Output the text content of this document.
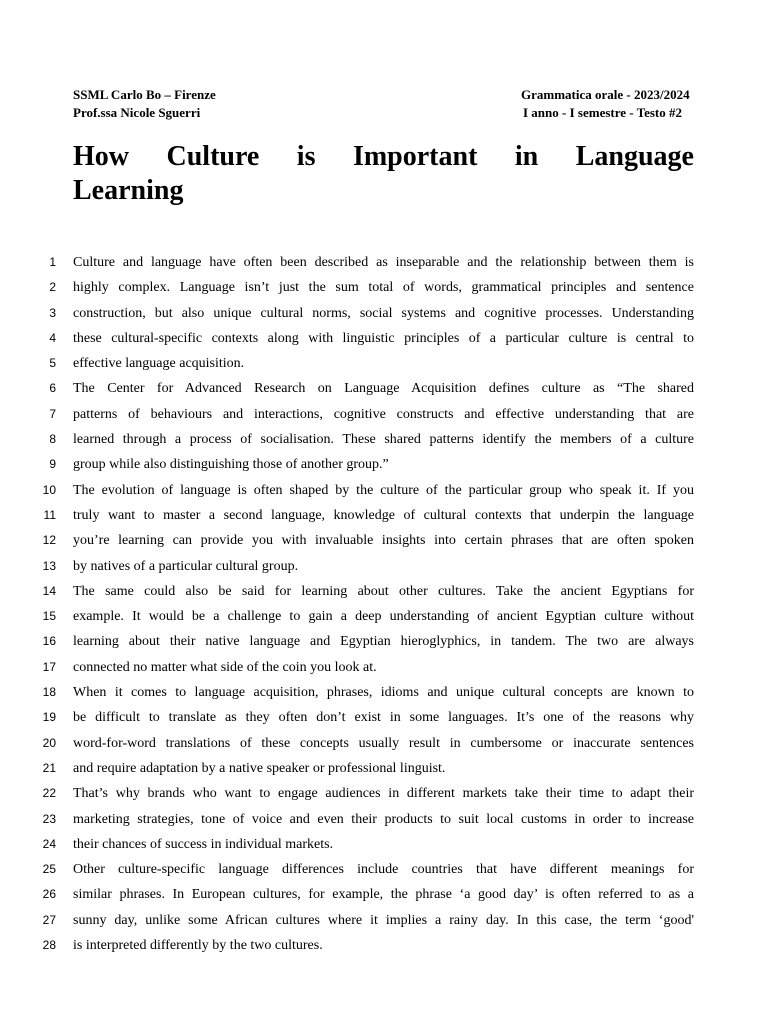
SSML Carlo Bo – Firenze
Prof.ssa Nicole Sguerri
Grammatica orale - 2023/2024
I anno - I semestre - Testo #2
How Culture is Important in Language
Learning
1 Culture and language have often been described as inseparable and the relationship between them is
2 highly complex. Language isn’t just the sum total of words, grammatical principles and sentence
3 construction, but also unique cultural norms, social systems and cognitive processes. Understanding
4 these cultural-specific contexts along with linguistic principles of a particular culture is central to
5 effective language acquisition.
6 The Center for Advanced Research on Language Acquisition defines culture as “The shared
7 patterns of behaviours and interactions, cognitive constructs and effective understanding that are
8 learned through a process of socialisation. These shared patterns identify the members of a culture
9 group while also distinguishing those of another group.”
10 The evolution of language is often shaped by the culture of the particular group who speak it. If you
11 truly want to master a second language, knowledge of cultural contexts that underpin the language
12 you’re learning can provide you with invaluable insights into certain phrases that are often spoken
13 by natives of a particular cultural group.
14 The same could also be said for learning about other cultures. Take the ancient Egyptians for
15 example. It would be a challenge to gain a deep understanding of ancient Egyptian culture without
16 learning about their native language and Egyptian hieroglyphics, in tandem. The two are always
17 connected no matter what side of the coin you look at.
18 When it comes to language acquisition, phrases, idioms and unique cultural concepts are known to
19 be difficult to translate as they often don’t exist in some languages. It’s one of the reasons why
20 word-for-word translations of these concepts usually result in cumbersome or inaccurate sentences
21 and require adaptation by a native speaker or professional linguist.
22 That’s why brands who want to engage audiences in different markets take their time to adapt their
23 marketing strategies, tone of voice and even their products to suit local customs in order to increase
24 their chances of success in individual markets.
25 Other culture-specific language differences include countries that have different meanings for
26 similar phrases. In European cultures, for example, the phrase ‘a good day’ is often referred to as a
27 sunny day, unlike some African cultures where it implies a rainy day. In this case, the term ‘good'
28 is interpreted differently by the two cultures.
